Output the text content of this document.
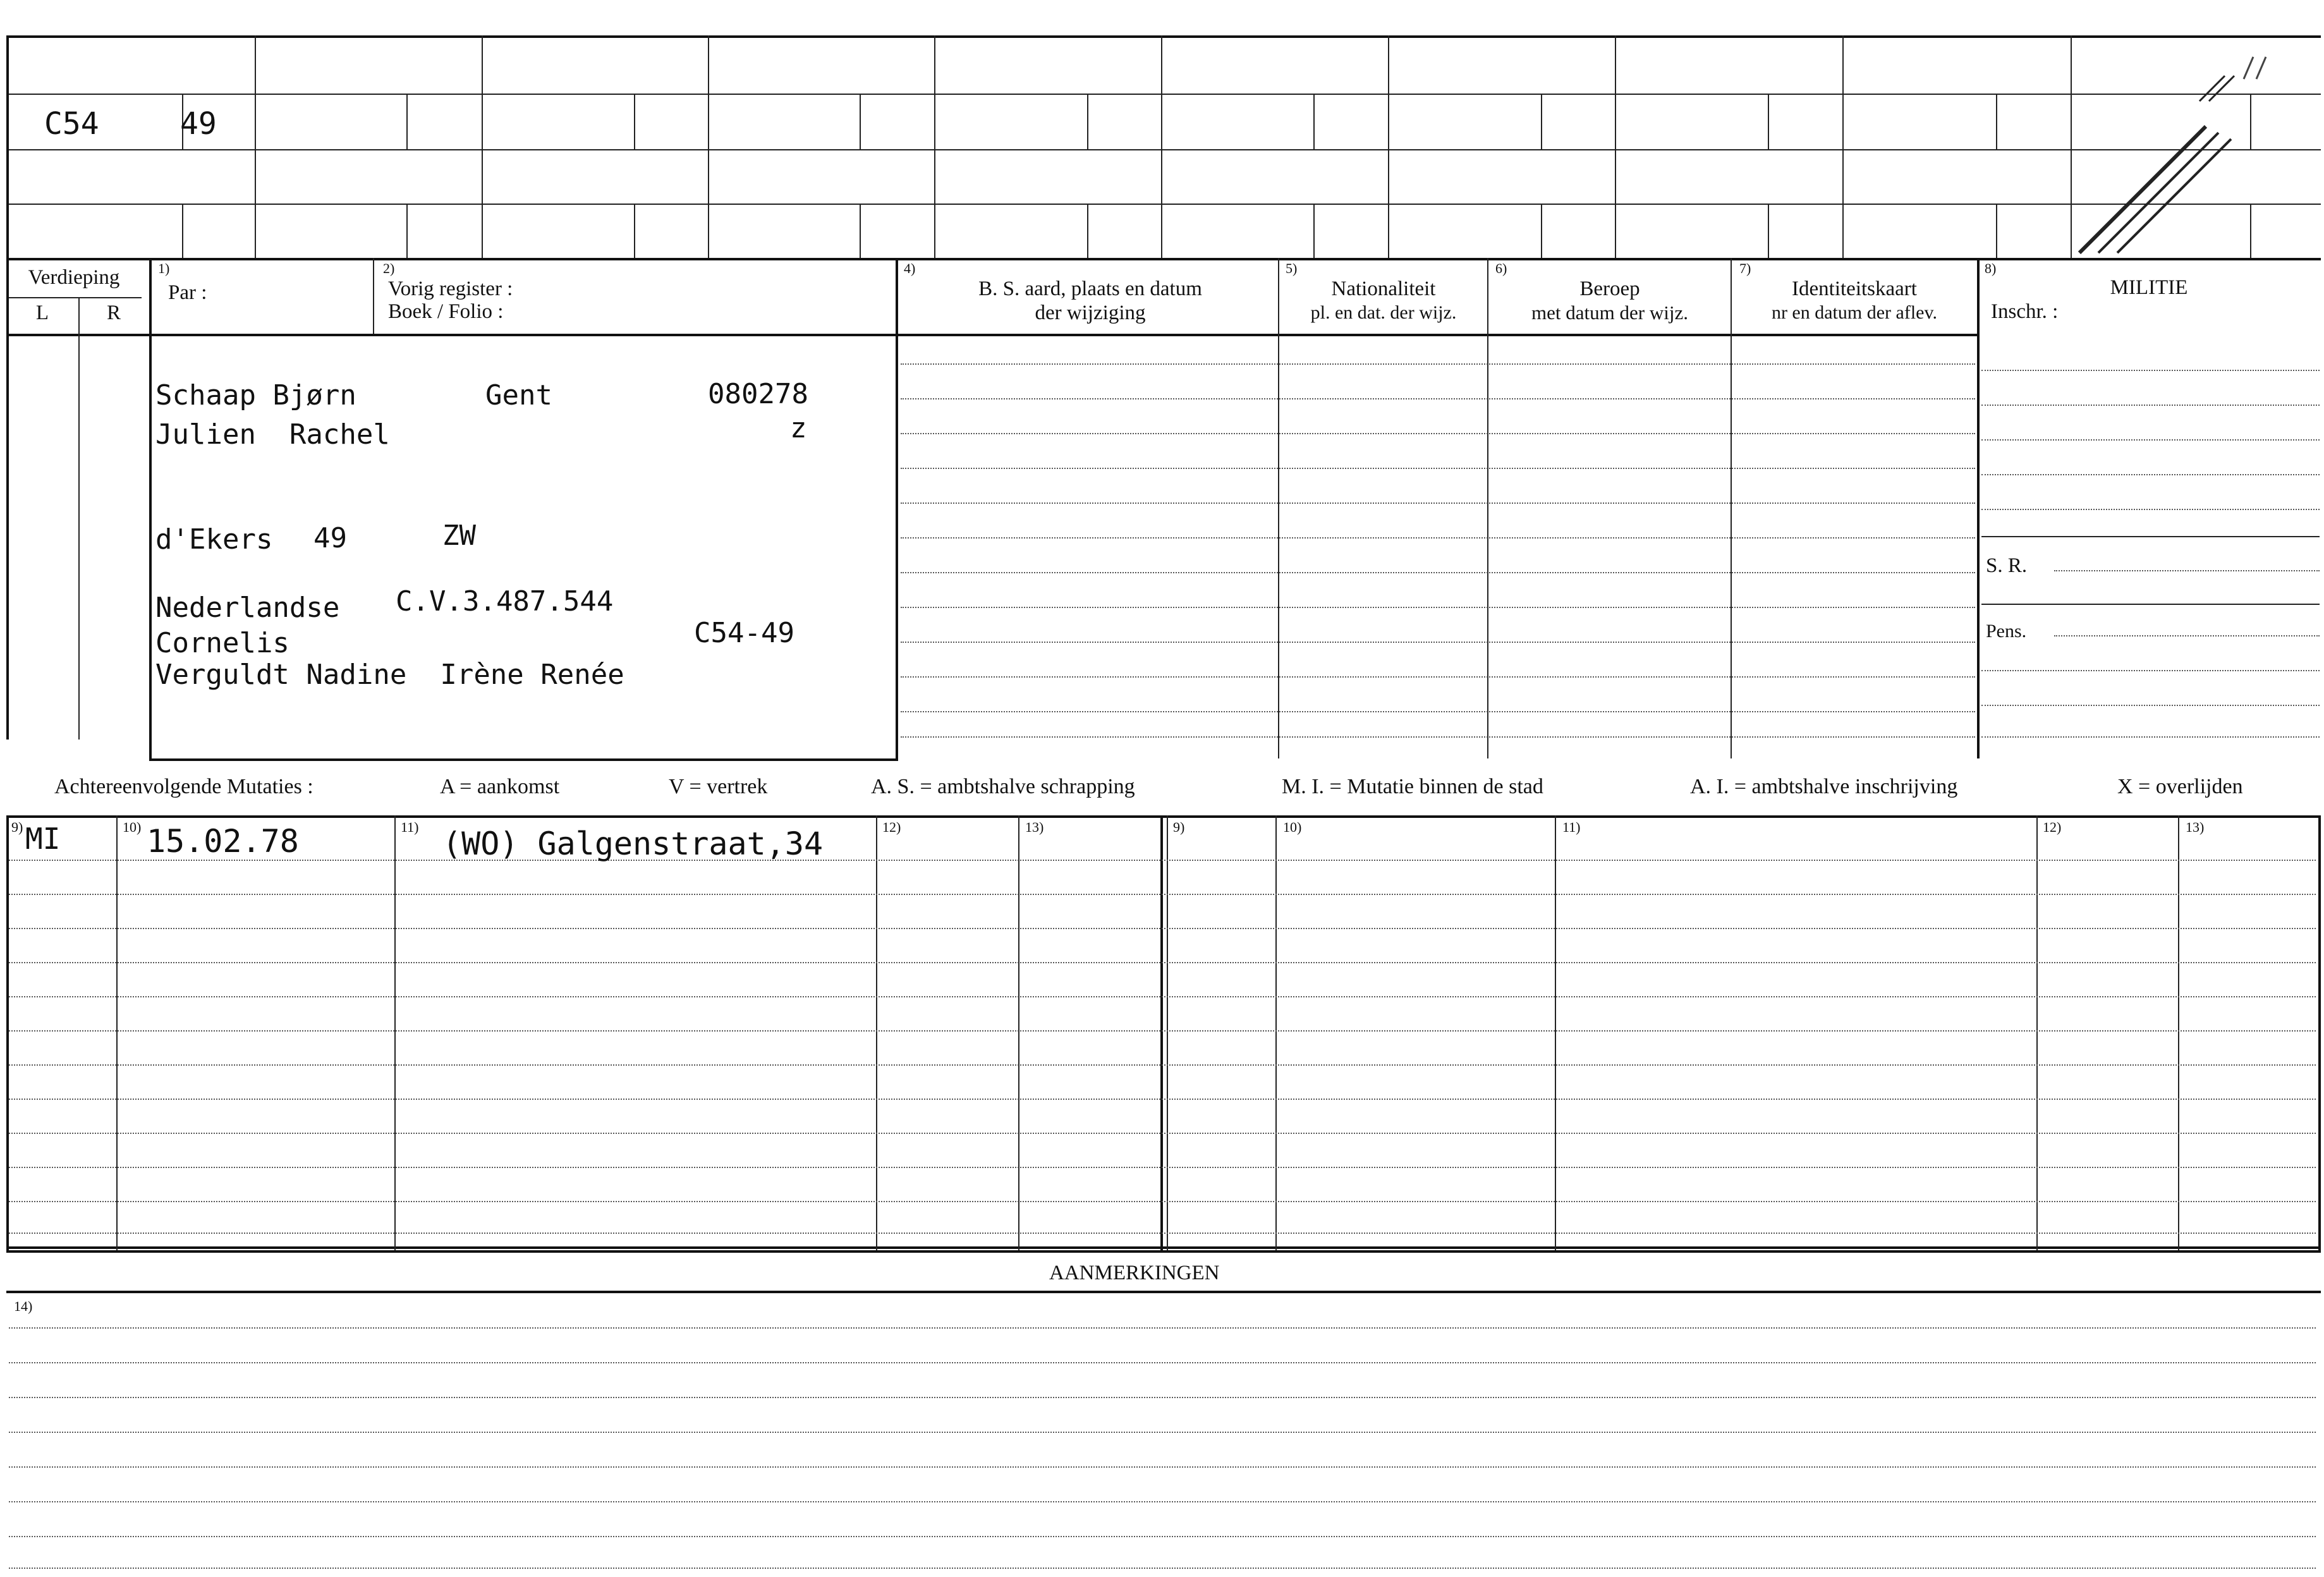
C54	49
Verdieping
L	R
1)
Par :
2)
Vorig register :
Boek / Folio :
4)
B. S. aard, plaats en datum
der wijziging
5)
Nationaliteit
pl. en dat. der wijz.
6)
Beroep
met datum der wijz.
7)
Identiteitskaart
nr en datum der aflev.
8)
MILITIE
Inschr. :
S. R.
Pens.
Schaap Bjørn	Gent	080278
Julien  Rachel	z
d'Ekers 49	ZW
Nederlandse C.V.3.487.544
Cornelis	C54-49
Verguldt Nadine  Irène Renée
Achtereenvolgende Mutaties :	A = aankomst	V = vertrek	A. S. = ambtshalve schrapping	M. I. = Mutatie binnen de stad	A. I. = ambtshalve inschrijving	X = overlijden
9)	10)	11)	12)	13)
9)	10)	11)	12)	13)
MI	15.02.78	(WO) Galgenstraat,34
AANMERKINGEN
14)
